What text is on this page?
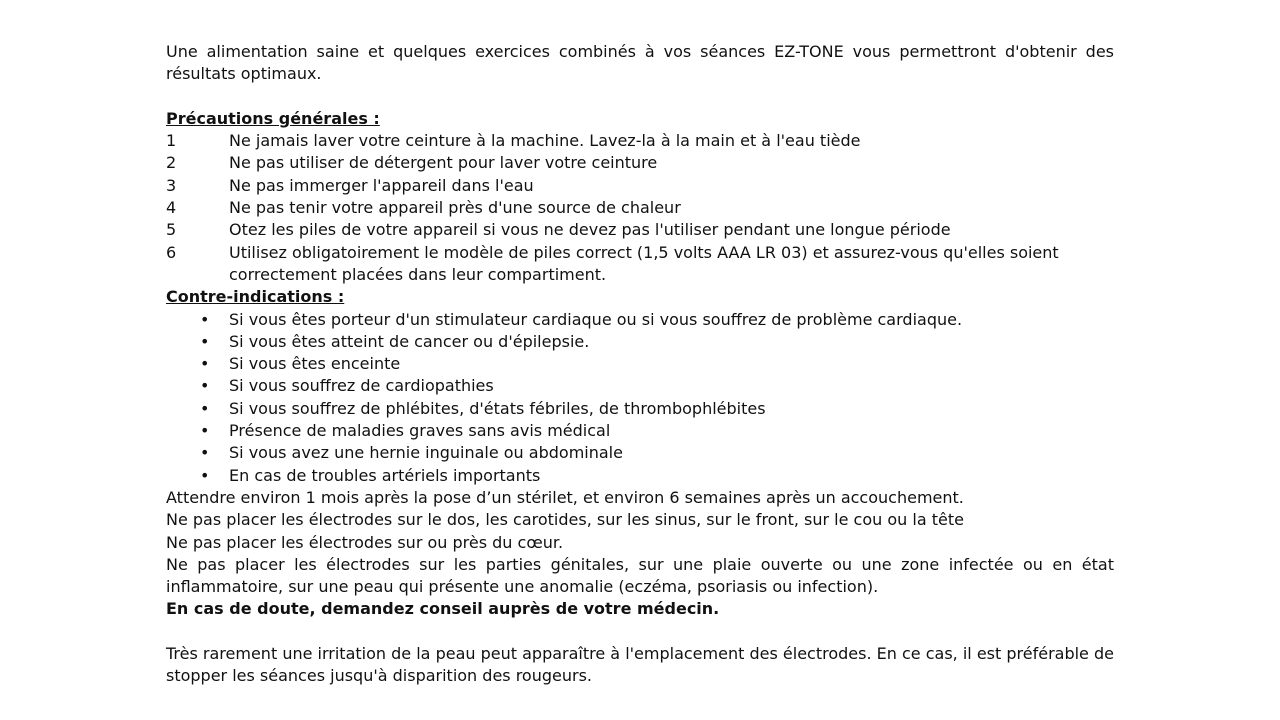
Une alimentation saine et quelques exercices combinés à vos séances EZ-TONE vous permettront d'obtenir des résultats optimaux.
Précautions générales :
1	Ne jamais laver votre ceinture à la machine. Lavez-la à la main et à l'eau tiède
2	Ne pas utiliser de détergent pour laver votre ceinture
3	Ne pas immerger l'appareil dans l'eau
4	Ne pas tenir votre appareil près d'une source de chaleur
5	Otez les piles de votre appareil si vous ne devez pas l'utiliser pendant une longue période
6	Utilisez obligatoirement le modèle de piles correct (1,5 volts AAA LR 03) et assurez-vous qu'elles soient correctement placées dans leur compartiment.
Contre-indications :
•	Si vous êtes porteur d'un stimulateur cardiaque ou si vous souffrez de problème cardiaque.
•	Si vous êtes atteint de cancer ou d'épilepsie.
•	Si vous êtes enceinte
•	Si vous souffrez de cardiopathies
•	Si vous souffrez de phlébites, d'états fébriles, de thrombophlébites
•	Présence de maladies graves sans avis médical
•	Si vous avez une hernie inguinale ou abdominale
•	En cas de troubles artériels importants
Attendre environ 1 mois après la pose d’un stérilet, et environ 6 semaines après un accouchement.
Ne pas placer les électrodes sur le dos, les carotides, sur les sinus, sur le front, sur le cou ou la tête
Ne pas placer les électrodes sur ou près du cœur.
Ne pas placer les électrodes sur les parties génitales, sur une plaie ouverte ou une zone infectée ou en état inflammatoire, sur une peau qui présente une anomalie (eczéma, psoriasis ou infection).
En cas de doute, demandez conseil auprès de votre médecin.
Très rarement une irritation de la peau peut apparaître à l'emplacement des électrodes. En ce cas, il est préférable de stopper les séances jusqu'à disparition des rougeurs.
